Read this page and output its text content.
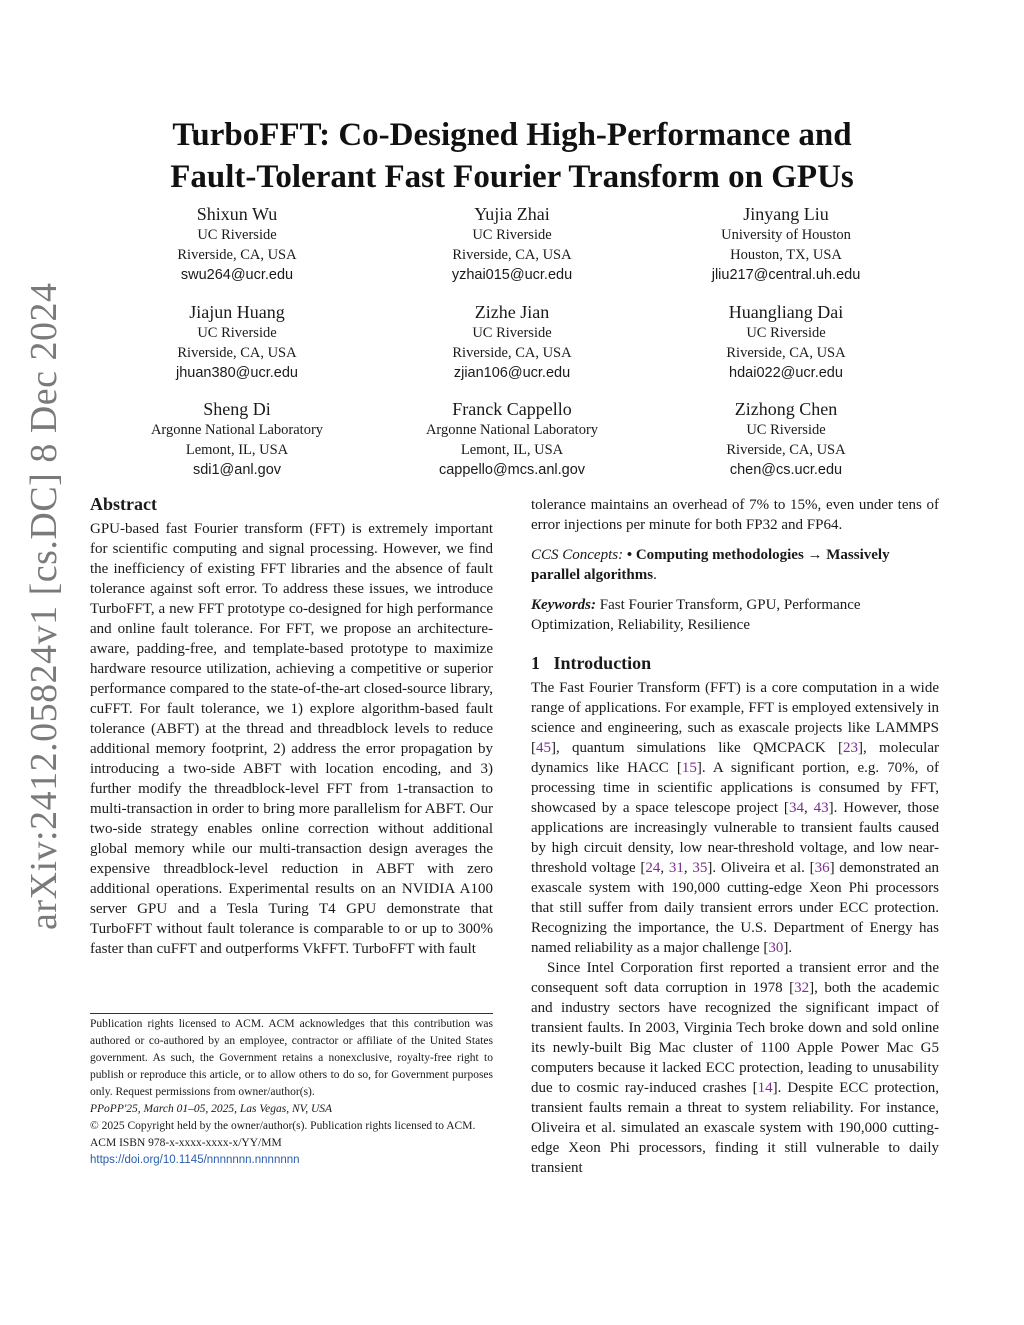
arXiv:2412.05824v1 [cs.DC] 8 Dec 2024
TurboFFT: Co-Designed High-Performance and
Fault-Tolerant Fast Fourier Transform on GPUs
Shixun Wu
UC Riverside
Riverside, CA, USA
swu264@ucr.edu
Yujia Zhai
UC Riverside
Riverside, CA, USA
yzhai015@ucr.edu
Jinyang Liu
University of Houston
Houston, TX, USA
jliu217@central.uh.edu
Jiajun Huang
UC Riverside
Riverside, CA, USA
jhuan380@ucr.edu
Zizhe Jian
UC Riverside
Riverside, CA, USA
zjian106@ucr.edu
Huangliang Dai
UC Riverside
Riverside, CA, USA
hdai022@ucr.edu
Sheng Di
Argonne National Laboratory
Lemont, IL, USA
sdi1@anl.gov
Franck Cappello
Argonne National Laboratory
Lemont, IL, USA
cappello@mcs.anl.gov
Zizhong Chen
UC Riverside
Riverside, CA, USA
chen@cs.ucr.edu

Abstract

GPU-based fast Fourier transform (FFT) is extremely important for scientific computing and signal processing. However, we find the inefficiency of existing FFT libraries and the absence of fault tolerance against soft error. To address these issues, we introduce TurboFFT, a new FFT prototype co-designed for high performance and online fault tolerance. For FFT, we propose an architecture-aware, padding-free, and template-based prototype to maximize hardware resource utilization, achieving a competitive or superior performance compared to the state-of-the-art closed-source library, cuFFT. For fault tolerance, we 1) explore algorithm-based fault tolerance (ABFT) at the thread and threadblock levels to reduce additional memory footprint, 2) address the error propagation by introducing a two-side ABFT with location encoding, and 3) further modify the threadblock-level FFT from 1-transaction to multi-transaction in order to bring more parallelism for ABFT. Our two-side strategy enables online correction without additional global memory while our multi-transaction design averages the expensive threadblock-level reduction in ABFT with zero additional operations. Experimental results on an NVIDIA A100 server GPU and a Tesla Turing T4 GPU demonstrate that TurboFFT without fault tolerance is comparable to or up to 300% faster than cuFFT and outperforms VkFFT. TurboFFT with fault

Publication rights licensed to ACM. ACM acknowledges that this contribution was authored or co-authored by an employee, contractor or affiliate of the United States government. As such, the Government retains a nonexclusive, royalty-free right to publish or reproduce this article, or to allow others to do so, for Government purposes only. Request permissions from owner/author(s).

PPoPP'25, March 01–05, 2025, Las Vegas, NV, USA

© 2025 Copyright held by the owner/author(s). Publication rights licensed to ACM.

ACM ISBN 978-x-xxxx-xxxx-x/YY/MM

https://doi.org/10.1145/nnnnnnn.nnnnnnn

tolerance maintains an overhead of 7% to 15%, even under tens of error injections per minute for both FP32 and FP64.

CCS Concepts: • Computing methodologies → Massively parallel algorithms.

Keywords: Fast Fourier Transform, GPU, Performance Optimization, Reliability, Resilience

1   Introduction

The Fast Fourier Transform (FFT) is a core computation in a wide range of applications. For example, FFT is employed extensively in science and engineering, such as exascale projects like LAMMPS [45], quantum simulations like QMCPACK [23], molecular dynamics like HACC [15]. A significant portion, e.g. 70%, of processing time in scientific applications is consumed by FFT, showcased by a space telescope project [34, 43]. However, those applications are increasingly vulnerable to transient faults caused by high circuit density, low near-threshold voltage, and low near-threshold voltage [24, 31, 35]. Oliveira et al. [36] demonstrated an exascale system with 190,000 cutting-edge Xeon Phi processors that still suffer from daily transient errors under ECC protection. Recognizing the importance, the U.S. Department of Energy has named reliability as a major challenge [30].

Since Intel Corporation first reported a transient error and the consequent soft data corruption in 1978 [32], both the academic and industry sectors have recognized the significant impact of transient faults. In 2003, Virginia Tech broke down and sold online its newly-built Big Mac cluster of 1100 Apple Power Mac G5 computers because it lacked ECC protection, leading to unusability due to cosmic ray-induced crashes [14]. Despite ECC protection, transient faults remain a threat to system reliability. For instance, Oliveira et al. simulated an exascale system with 190,000 cutting-edge Xeon Phi processors, finding it still vulnerable to daily transient
